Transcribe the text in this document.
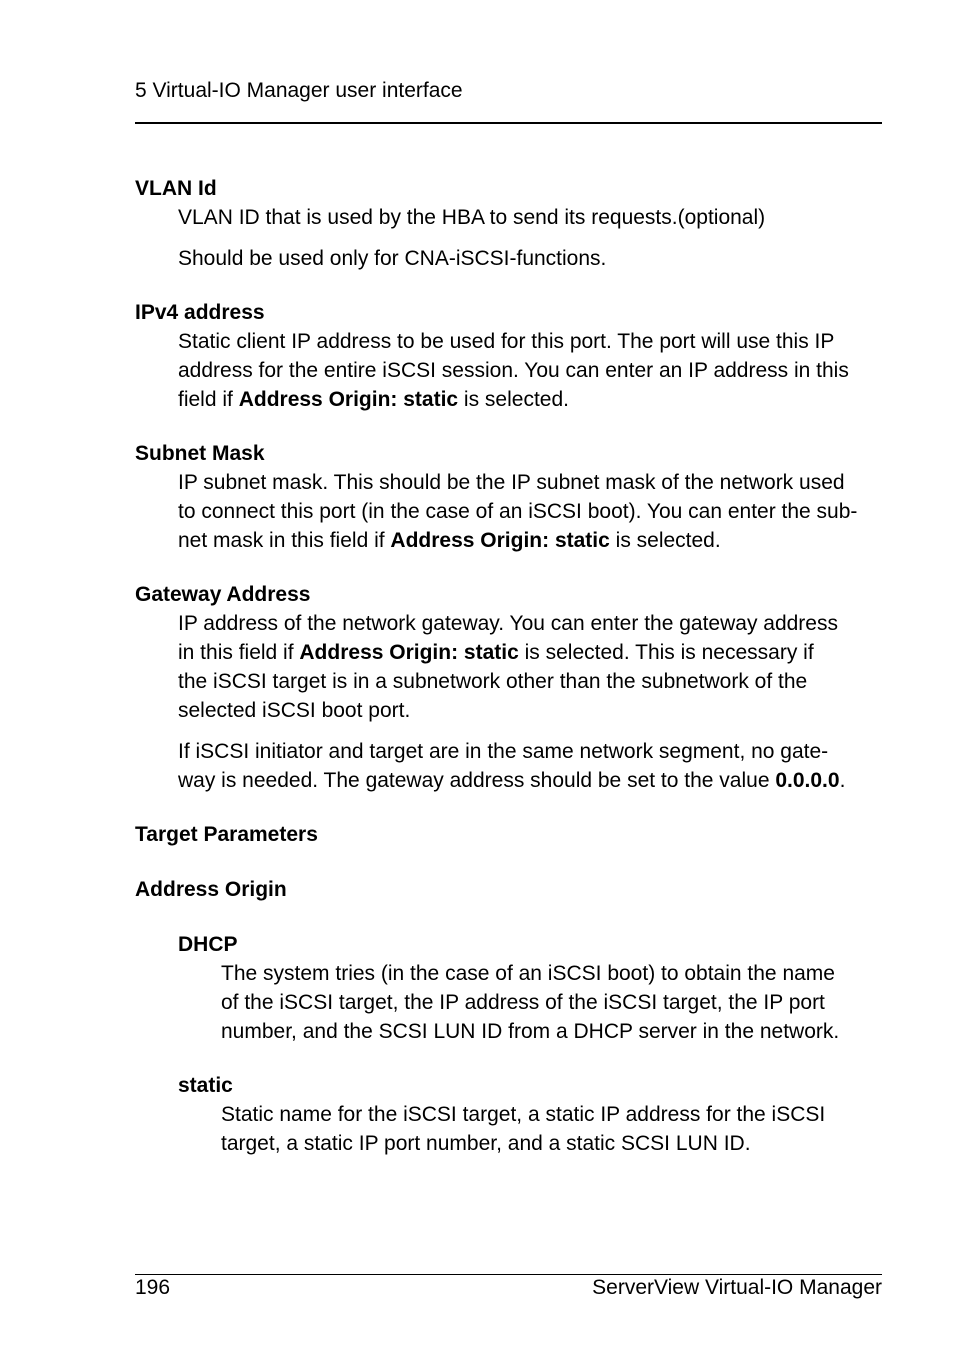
5 Virtual-IO Manager user interface
VLAN Id

VLAN ID that is used by the HBA to send its requests.(optional)

Should be used only for CNA-iSCSI-functions.

IPv4 address
Static client IP address to be used for this port. The port will use this IP
address for the entire iSCSI session. You can enter an IP address in this
field if Address Origin: static is selected.
Subnet Mask
IP subnet mask. This should be the IP subnet mask of the network used
to connect this port (in the case of an iSCSI boot). You can enter the sub-
net mask in this field if Address Origin: static is selected.
Gateway Address

IP address of the network gateway. You can enter the gateway address
in this field if Address Origin: static is selected. This is necessary if
the iSCSI target is in a subnetwork other than the subnetwork of the
selected iSCSI boot port.

If iSCSI initiator and target are in the same network segment, no gate-
way is needed. The gateway address should be set to the value 0.0.0.0.

Target Parameters
Address Origin
DHCP
The system tries (in the case of an iSCSI boot) to obtain the name
of the iSCSI target, the IP address of the iSCSI target, the IP port
number, and the SCSI LUN ID from a DHCP server in the network.
static
Static name for the iSCSI target, a static IP address for the iSCSI
target, a static IP port number, and a static SCSI LUN ID.
196	ServerView Virtual-IO Manager
